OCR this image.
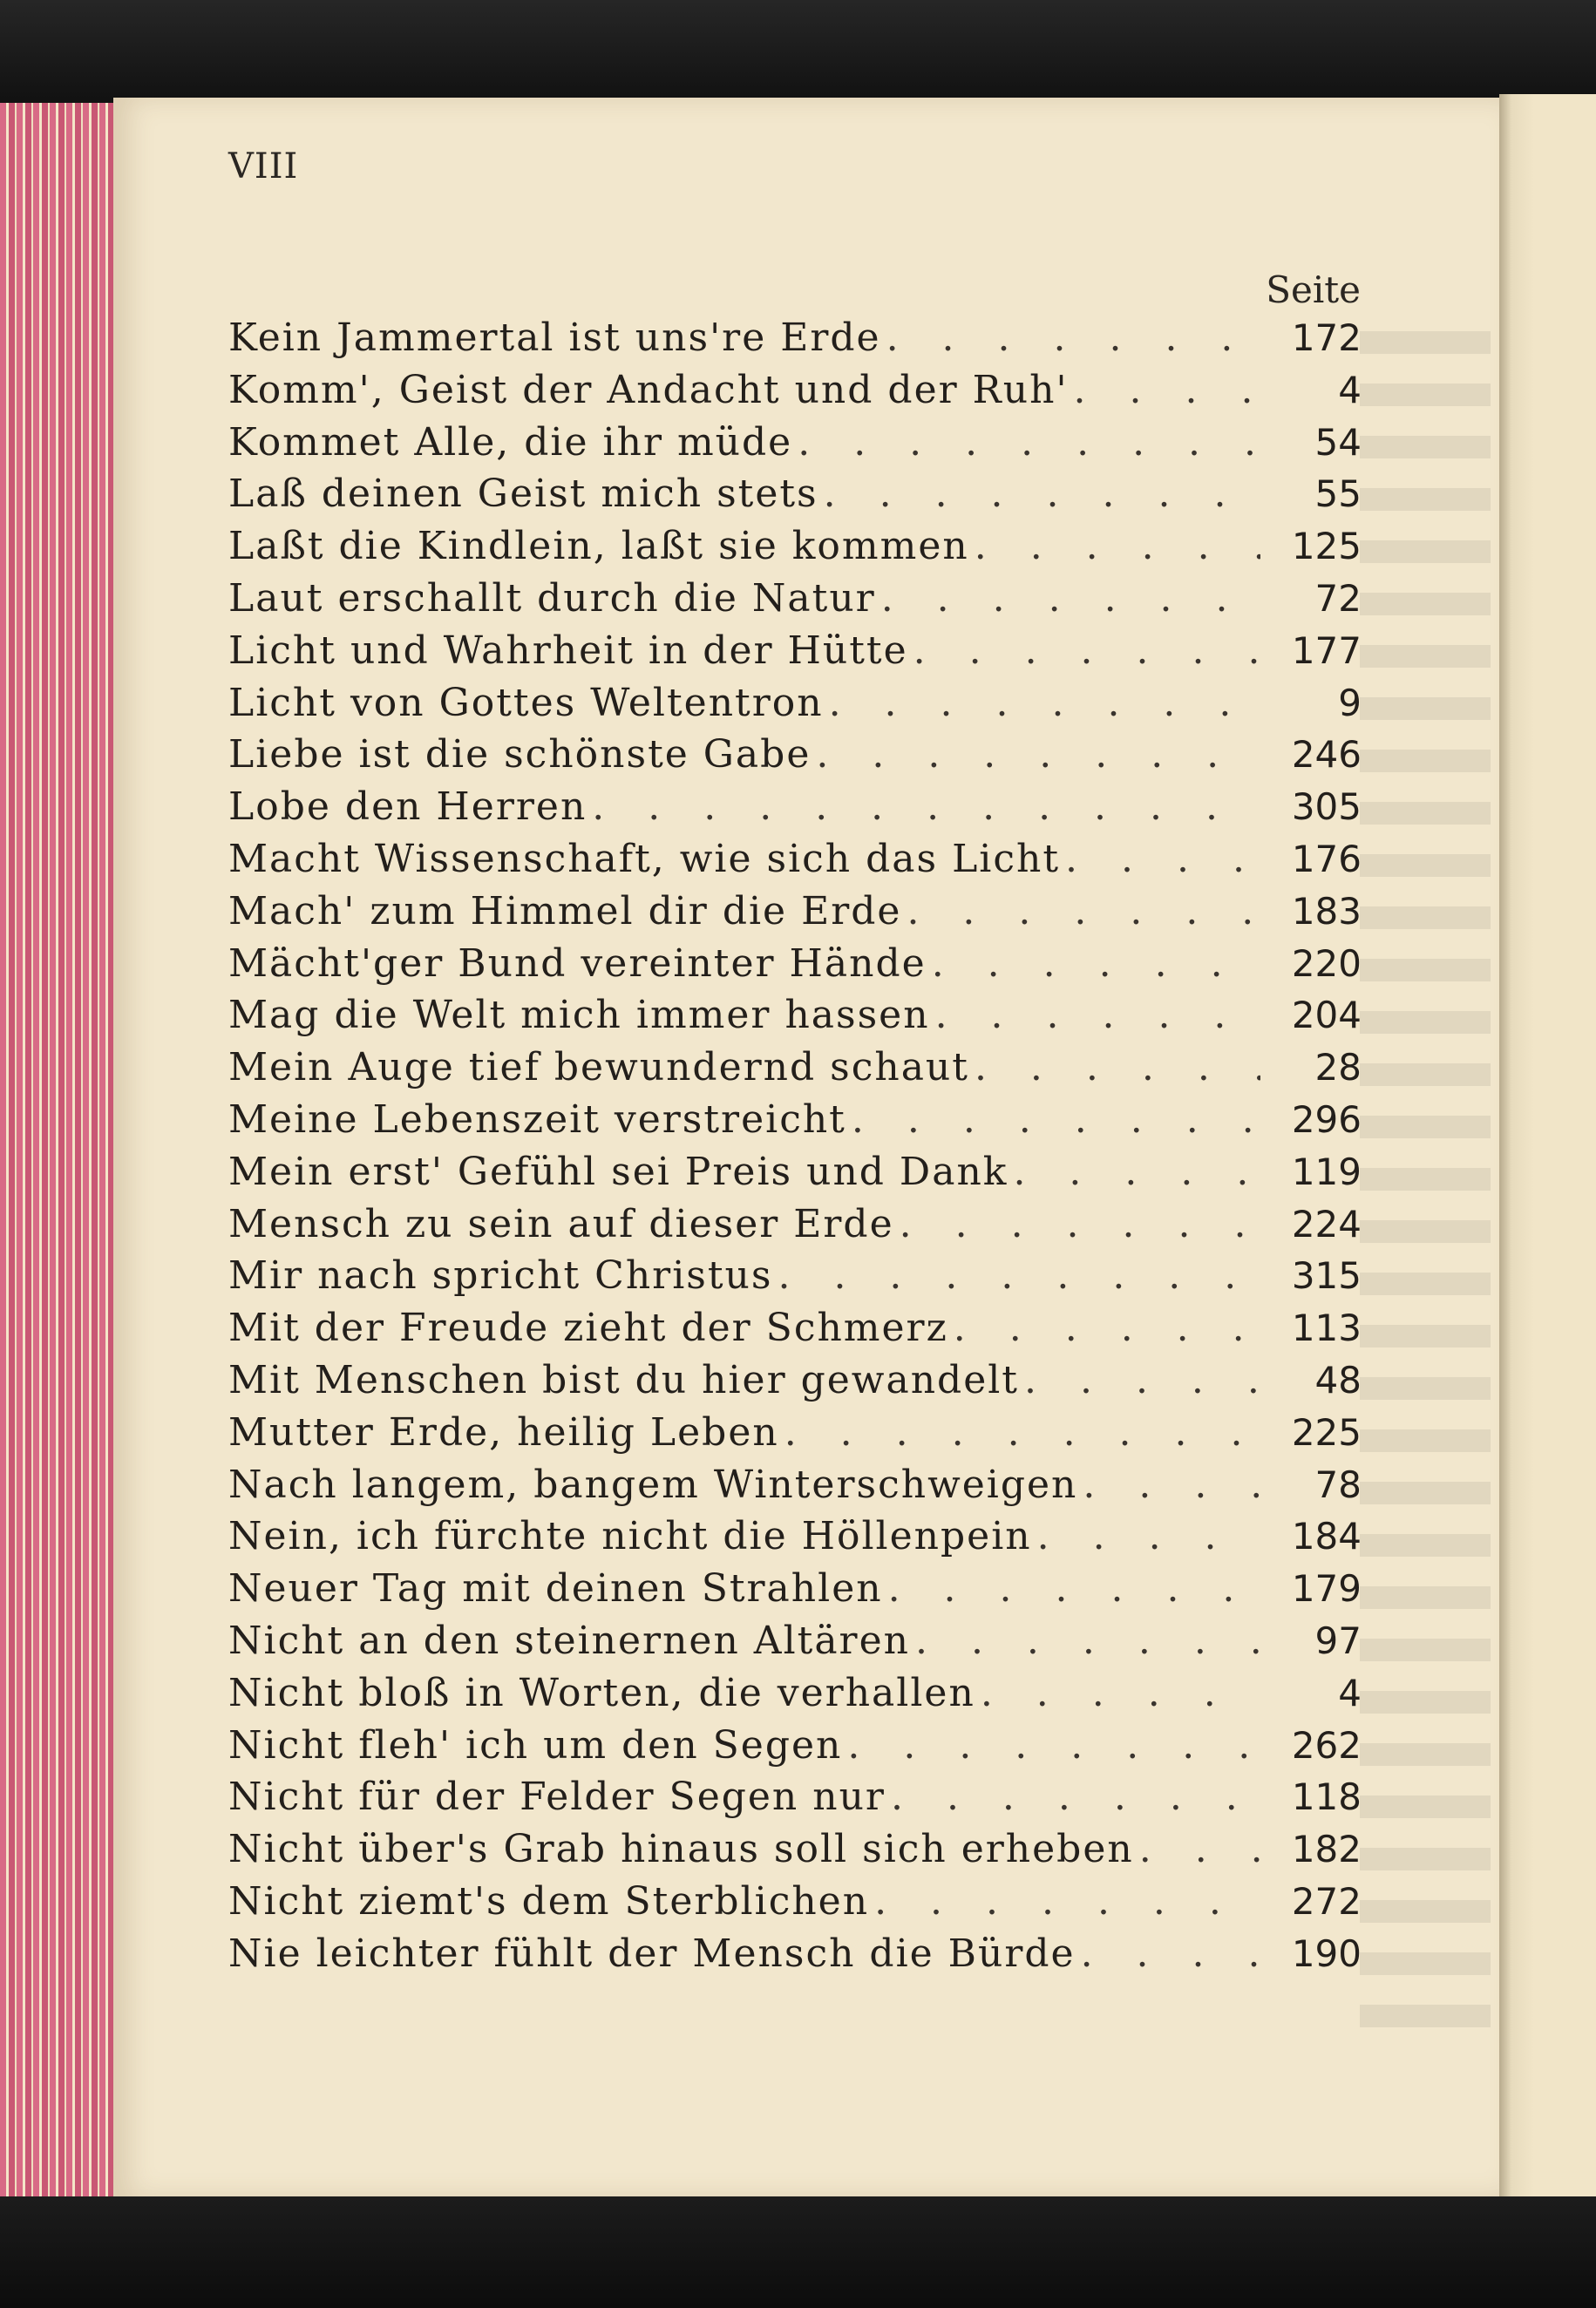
VIII
Seite
Kein Jammertal ist uns're Erde . . .	172
Komm', Geist der Andacht und der Ruh' . . .	4
Kommet Alle, die ihr müde . . .	54
Laß deinen Geist mich stets . . .	55
Laßt die Kindlein, laßt sie kommen . . .	125
Laut erschallt durch die Natur . . .	72
Licht und Wahrheit in der Hütte . . .	177
Licht von Gottes Weltentron . . .	9
Liebe ist die schönste Gabe . . .	246
Lobe den Herren . . .	305
Macht Wissenschaft, wie sich das Licht . . .	176
Mach' zum Himmel dir die Erde . . .	183
Mächt'ger Bund vereinter Hände . . .	220
Mag die Welt mich immer hassen . . .	204
Mein Auge tief bewundernd schaut . . .	28
Meine Lebenszeit verstreicht . . .	296
Mein erst' Gefühl sei Preis und Dank . . .	119
Mensch zu sein auf dieser Erde . . .	224
Mir nach spricht Christus . . .	315
Mit der Freude zieht der Schmerz . . .	113
Mit Menschen bist du hier gewandelt . . .	48
Mutter Erde, heilig Leben . . .	225
Nach langem, bangem Winterschweigen . . .	78
Nein, ich fürchte nicht die Höllenpein . . .	184
Neuer Tag mit deinen Strahlen . . .	179
Nicht an den steinernen Altären . . .	97
Nicht bloß in Worten, die verhallen . . .	4
Nicht fleh' ich um den Segen . . .	262
Nicht für der Felder Segen nur . . .	118
Nicht über's Grab hinaus soll sich erheben . . .	182
Nicht ziemt's dem Sterblichen . . .	272
Nie leichter fühlt der Mensch die Bürde . . .	190
